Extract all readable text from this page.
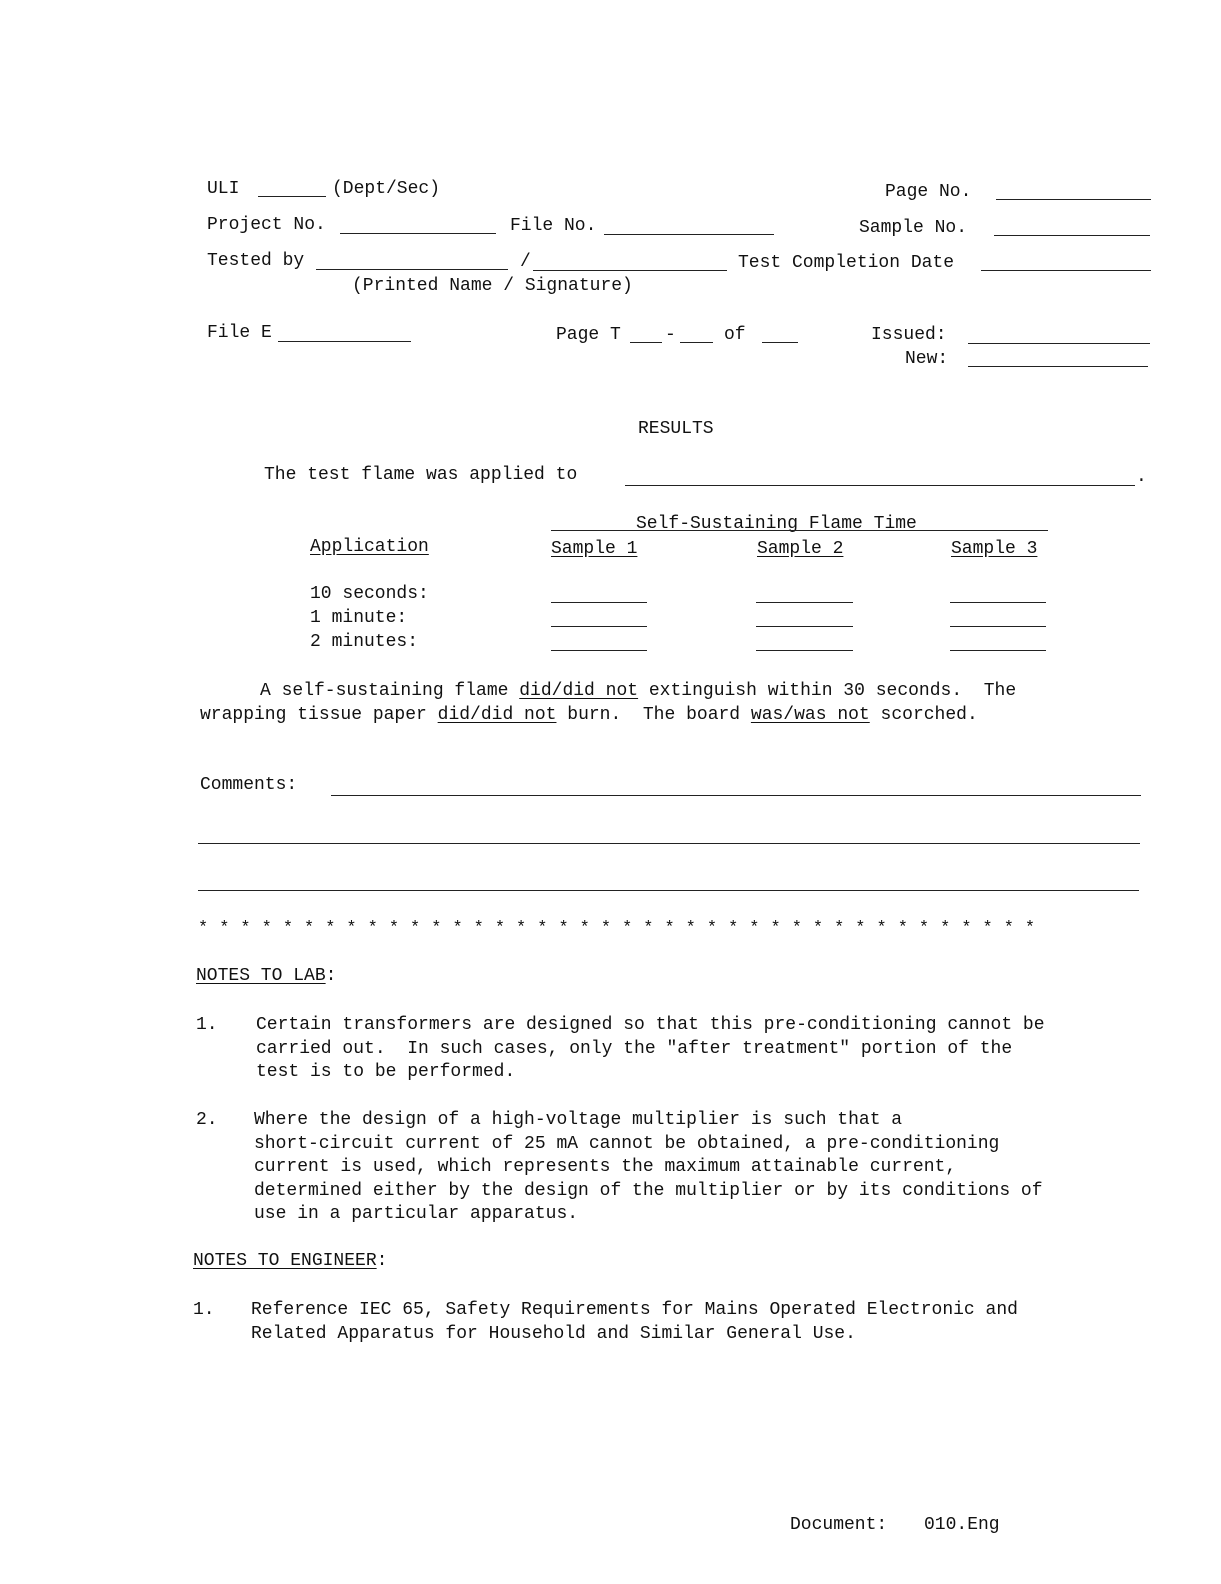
ULI	(Dept/Sec)	Page No.
Project No.	File No.	Sample No.
Tested by	/	Test Completion Date
(Printed Name / Signature)
File E	Page T -	of	Issued:
New:
RESULTS
The test flame was applied to	.
Self-Sustaining Flame Time
Application	Sample 1	Sample 2	Sample 3
10 seconds:
1 minute:
2 minutes:
A self-sustaining flame did/did not extinguish within 30 seconds.  The
wrapping tissue paper did/did not burn.  The board was/was not scorched.
Comments:
* * * * * * * * * * * * * * * * * * * * * * * * * * * * * * * * * * * * * * * *
NOTES TO LAB:
1. Certain transformers are designed so that this pre-conditioning cannot be
carried out.  In such cases, only the "after treatment" portion of the
test is to be performed.
2. Where the design of a high-voltage multiplier is such that a
short-circuit current of 25 mA cannot be obtained, a pre-conditioning
current is used, which represents the maximum attainable current,
determined either by the design of the multiplier or by its conditions of
use in a particular apparatus.
NOTES TO ENGINEER:
1. Reference IEC 65, Safety Requirements for Mains Operated Electronic and
Related Apparatus for Household and Similar General Use.
Document: 010.Eng
